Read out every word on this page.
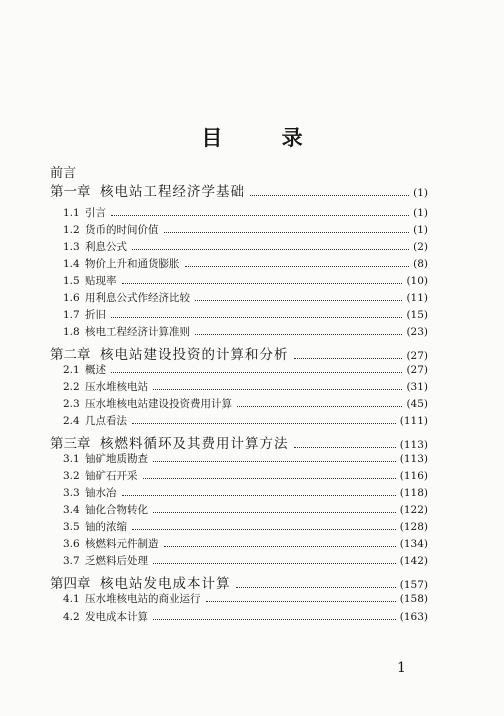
目 录
前言
第一章 核电站工程经济学基础	(1)
1.1 引言	(1)
1.2 货币的时间价值	(1)
1.3 利息公式	(2)
1.4 物价上升和通货膨胀	(8)
1.5 贴现率	(10)
1.6 用利息公式作经济比较	(11)
1.7 折旧	(15)
1.8 核电工程经济计算准则	(23)
第二章 核电站建设投资的计算和分析	(27)
2.1 概述	(27)
2.2 压水堆核电站	(31)
2.3 压水堆核电站建设投资费用计算	(45)
2.4 几点看法	(111)
第三章 核燃料循环及其费用计算方法	(113)
3.1 铀矿地质勘查	(113)
3.2 铀矿石开采	(116)
3.3 铀水冶	(118)
3.4 铀化合物转化	(122)
3.5 铀的浓缩	(128)
3.6 核燃料元件制造	(134)
3.7 乏燃料后处理	(142)
第四章 核电站发电成本计算	(157)
4.1 压水堆核电站的商业运行	(158)
4.2 发电成本计算	(163)
1
